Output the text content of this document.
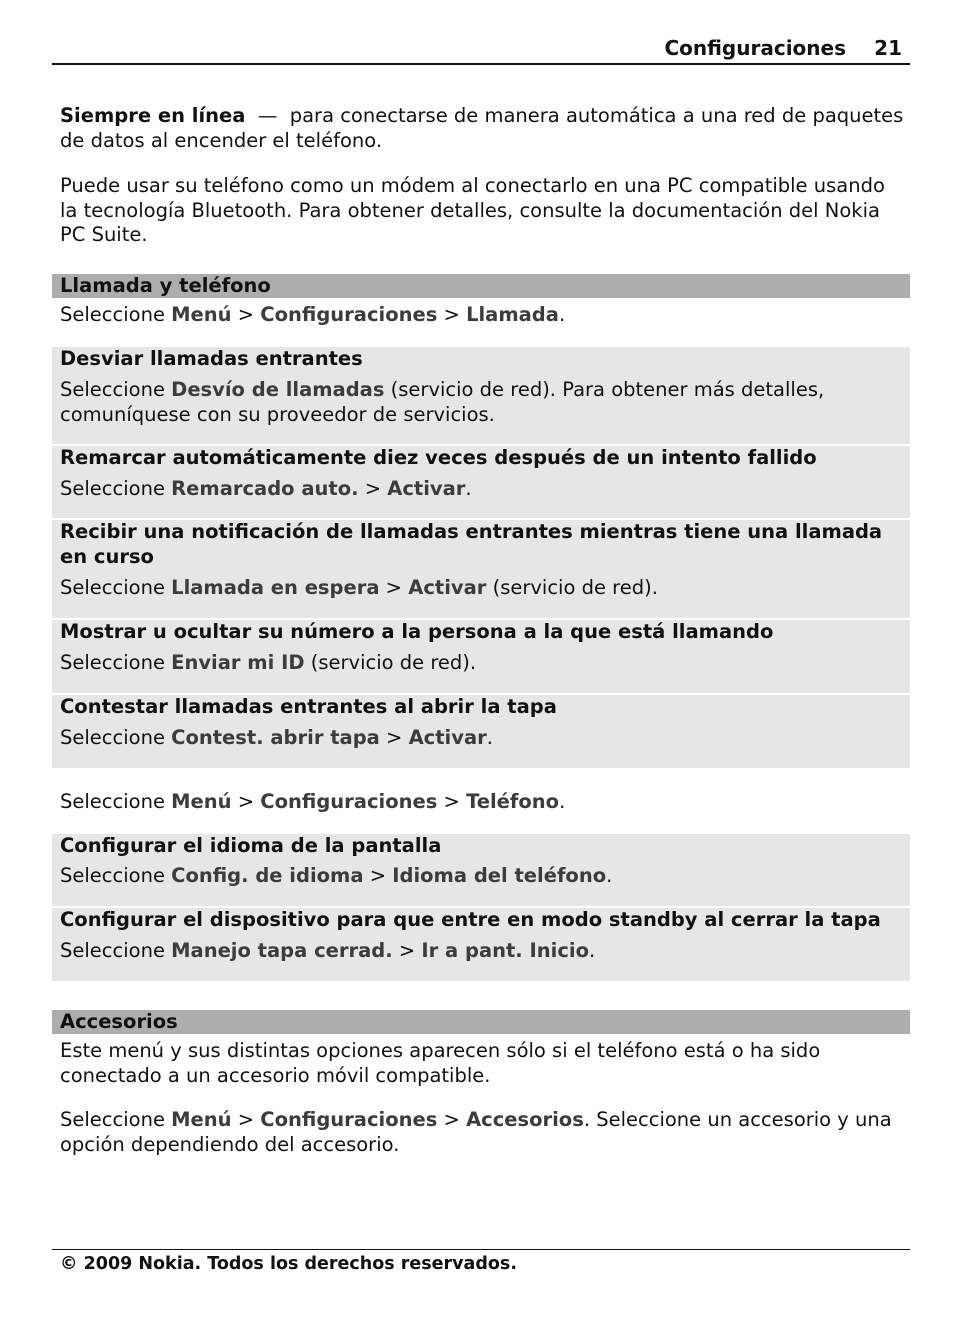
Configuraciones 21
Siempre en línea — para conectarse de manera automática a una red de paquetes de datos al encender el teléfono.
Puede usar su teléfono como un módem al conectarlo en una PC compatible usando la tecnología Bluetooth. Para obtener detalles, consulte la documentación del Nokia PC Suite.
Llamada y teléfono
Seleccione Menú > Configuraciones > Llamada.
Desviar llamadas entrantes
Seleccione Desvío de llamadas (servicio de red). Para obtener más detalles, comuníquese con su proveedor de servicios.
Remarcar automáticamente diez veces después de un intento fallido
Seleccione Remarcado auto. > Activar.
Recibir una notificación de llamadas entrantes mientras tiene una llamada en curso
Seleccione Llamada en espera > Activar (servicio de red).
Mostrar u ocultar su número a la persona a la que está llamando
Seleccione Enviar mi ID (servicio de red).
Contestar llamadas entrantes al abrir la tapa
Seleccione Contest. abrir tapa > Activar.
Seleccione Menú > Configuraciones > Teléfono.
Configurar el idioma de la pantalla
Seleccione Config. de idioma > Idioma del teléfono.
Configurar el dispositivo para que entre en modo standby al cerrar la tapa
Seleccione Manejo tapa cerrad. > Ir a pant. Inicio.
Accesorios
Este menú y sus distintas opciones aparecen sólo si el teléfono está o ha sido conectado a un accesorio móvil compatible.
Seleccione Menú > Configuraciones > Accesorios. Seleccione un accesorio y una opción dependiendo del accesorio.
© 2009 Nokia. Todos los derechos reservados.
